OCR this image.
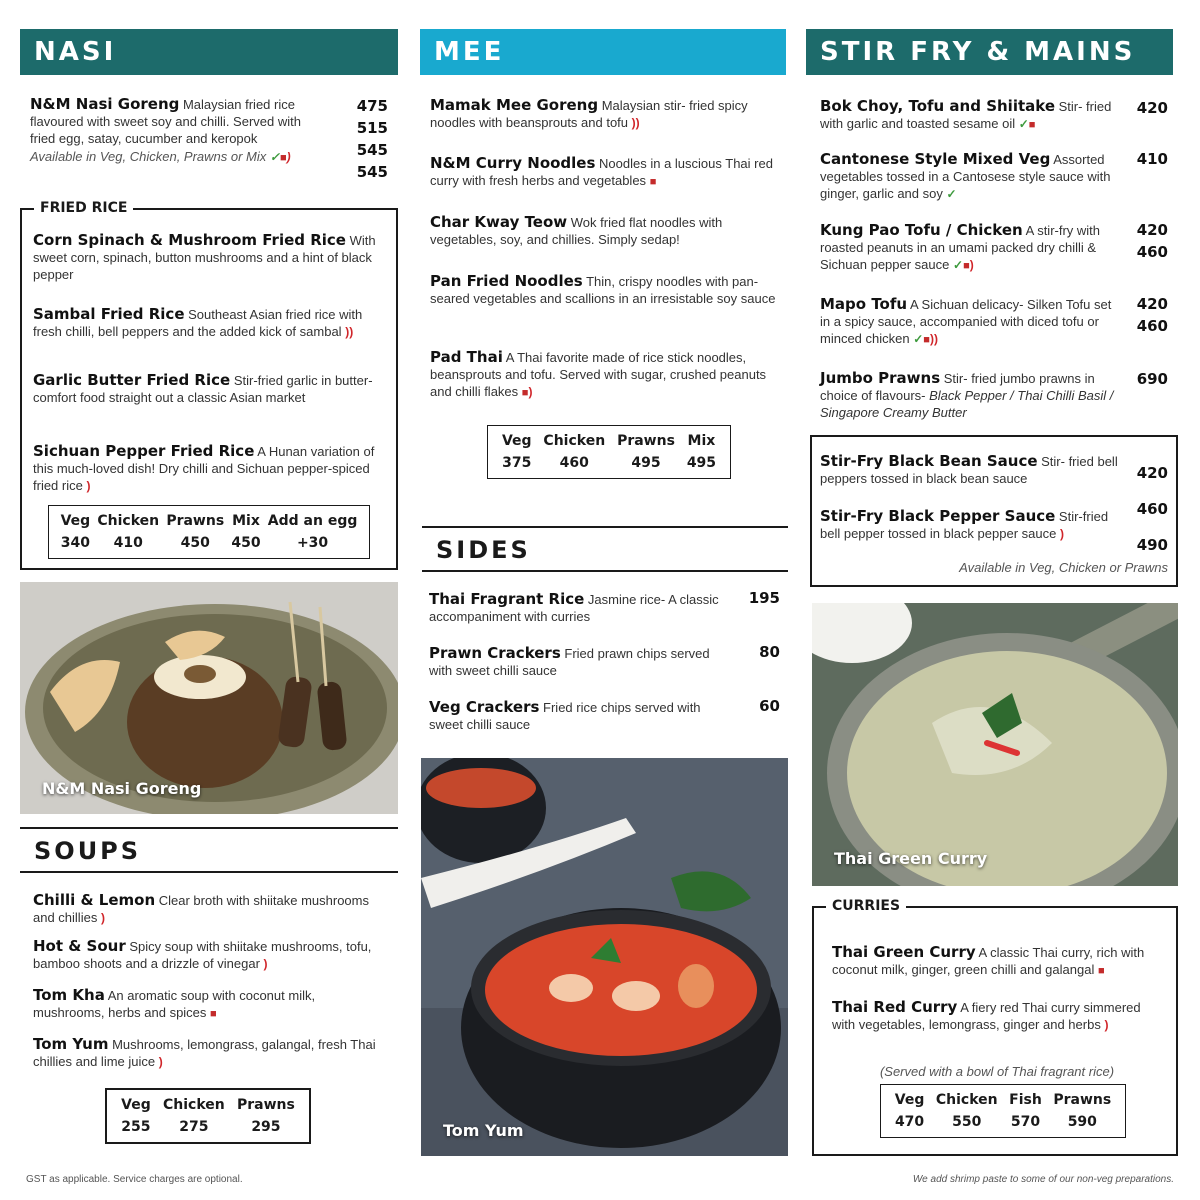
NASI
N&M Nasi Goreng Malaysian fried rice flavoured with sweet soy and chilli. Served with fried egg, satay, cucumber and keropok
Available in Veg, Chicken, Prawns or Mix ✓■)
475
515
545
545
FRIED RICE
Corn Spinach & Mushroom Fried Rice With sweet corn, spinach, button mushrooms and a hint of black pepper
Sambal Fried Rice Southeast Asian fried rice with fresh chilli, bell peppers and the added kick of sambal ))
Garlic Butter Fried Rice Stir-fried garlic in butter- comfort food straight out a classic Asian market
Sichuan Pepper Fried Rice A Hunan variation of this much-loved dish! Dry chilli and Sichuan pepper-spiced fried rice )
Veg
340
Chicken
410
Prawns
450
Mix
450
Add an egg
+30
N&M Nasi Goreng
SOUPS
Chilli & Lemon Clear broth with shiitake mushrooms and chillies )
Hot & Sour Spicy soup with shiitake mushrooms, tofu, bamboo shoots and a drizzle of vinegar )
Tom Kha An aromatic soup with coconut milk, mushrooms, herbs and spices ■
Tom Yum Mushrooms, lemongrass, galangal, fresh Thai chillies and lime juice )
Veg
255
Chicken
275
Prawns
295
MEE
Mamak Mee Goreng Malaysian stir- fried spicy noodles with beansprouts and tofu ))
N&M Curry Noodles Noodles in a luscious Thai red curry with fresh herbs and vegetables ■
Char Kway Teow Wok fried flat noodles with vegetables, soy, and chillies. Simply sedap!
Pan Fried Noodles Thin, crispy noodles with pan-seared vegetables and scallions in an irresistable soy sauce
Pad Thai A Thai favorite made of rice stick noodles, beansprouts and tofu. Served with sugar, crushed peanuts and chilli flakes ■)
Veg
375
Chicken
460
Prawns
495
Mix
495
SIDES
Thai Fragrant Rice Jasmine rice- A classic accompaniment with curries
195
Prawn Crackers Fried prawn chips served with sweet chilli sauce
80
Veg Crackers Fried rice chips served with sweet chilli sauce
60
Tom Yum
STIR FRY & MAINS
Bok Choy, Tofu and Shiitake Stir- fried with garlic and toasted sesame oil ✓■
420
Cantonese Style Mixed Veg Assorted vegetables tossed in a Cantosese style sauce with ginger, garlic and soy ✓
410
Kung Pao Tofu / Chicken A stir-fry with roasted peanuts in an umami packed dry chilli & Sichuan pepper sauce ✓■)
420
460
Mapo Tofu A Sichuan delicacy- Silken Tofu set in a spicy sauce, accompanied with diced tofu or minced chicken ✓■))
420
460
Jumbo Prawns Stir- fried jumbo prawns in choice of flavours- Black Pepper / Thai Chilli Basil / Singapore Creamy Butter
690
Stir-Fry Black Bean Sauce Stir- fried bell peppers tossed in black bean sauce
Stir-Fry Black Pepper Sauce Stir-fried bell pepper tossed in black pepper sauce )
420
460
490
Available in Veg, Chicken or Prawns
Thai Green Curry
CURRIES
Thai Green Curry A classic Thai curry, rich with coconut milk, ginger, green chilli and galangal ■
Thai Red Curry A fiery red Thai curry simmered with vegetables, lemongrass, ginger and herbs )
(Served with a bowl of Thai fragrant rice)
Veg
470
Chicken
550
Fish
570
Prawns
590
GST as applicable. Service charges are optional.	We add shrimp paste to some of our non-veg preparations.
